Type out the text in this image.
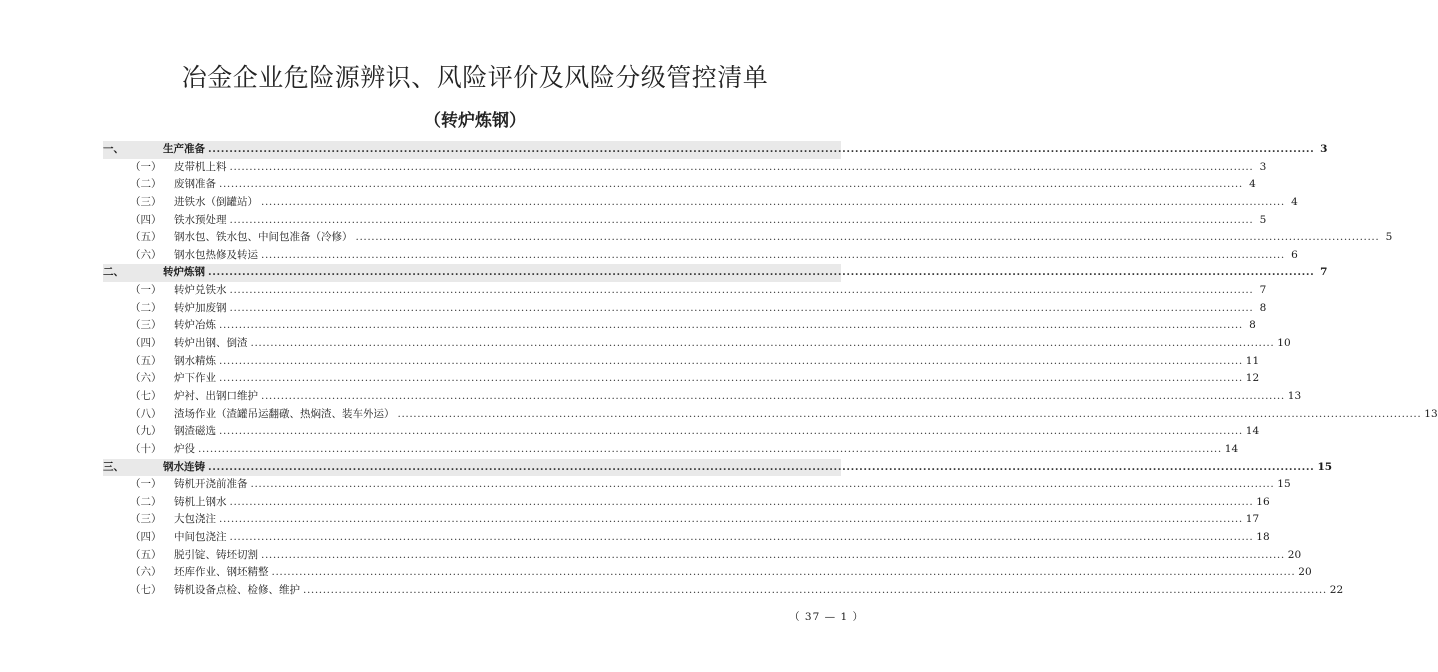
冶金企业危险源辨识、风险评价及风险分级管控清单
（转炉炼钢）
一、	生产准备 .................................................................................................................................................................................................................................................................... 3
（一） 皮带机上料 .................................................................................................................................................................................................................................................................... 3
（二） 废钢准备 .................................................................................................................................................................................................................................................................... 4
（三） 进铁水（倒罐站） .................................................................................................................................................................................................................................................................... 4
（四） 铁水预处理 .................................................................................................................................................................................................................................................................... 5
（五） 钢水包、铁水包、中间包准备（冷修） .................................................................................................................................................................................................................................................................... 5
（六） 钢水包热修及转运 .................................................................................................................................................................................................................................................................... 6
二、	转炉炼钢 .................................................................................................................................................................................................................................................................... 7
（一） 转炉兑铁水 .................................................................................................................................................................................................................................................................... 7
（二） 转炉加废钢 .................................................................................................................................................................................................................................................................... 8
（三） 转炉冶炼 .................................................................................................................................................................................................................................................................... 8
（四） 转炉出钢、倒渣 .................................................................................................................................................................................................................................................................... 10
（五） 钢水精炼 .................................................................................................................................................................................................................................................................... 11
（六） 炉下作业 .................................................................................................................................................................................................................................................................... 12
（七） 炉衬、出钢口维护 .................................................................................................................................................................................................................................................................... 13
（八） 渣场作业（渣罐吊运翻礅、热焖渣、装车外运） .................................................................................................................................................................................................................................................................... 13
（九） 钢渣磁选 .................................................................................................................................................................................................................................................................... 14
（十） 炉役 .................................................................................................................................................................................................................................................................... 14
三、	钢水连铸 .................................................................................................................................................................................................................................................................... 15
（一） 铸机开浇前准备 .................................................................................................................................................................................................................................................................... 15
（二） 铸机上钢水 .................................................................................................................................................................................................................................................................... 16
（三） 大包浇注 .................................................................................................................................................................................................................................................................... 17
（四） 中间包浇注 .................................................................................................................................................................................................................................................................... 18
（五） 脱引锭、铸坯切割 .................................................................................................................................................................................................................................................................... 20
（六） 坯库作业、钢坯精整 .................................................................................................................................................................................................................................................................... 20
（七） 铸机设备点检、检修、维护 .................................................................................................................................................................................................................................................................... 22
（ 37 — 1 ）
